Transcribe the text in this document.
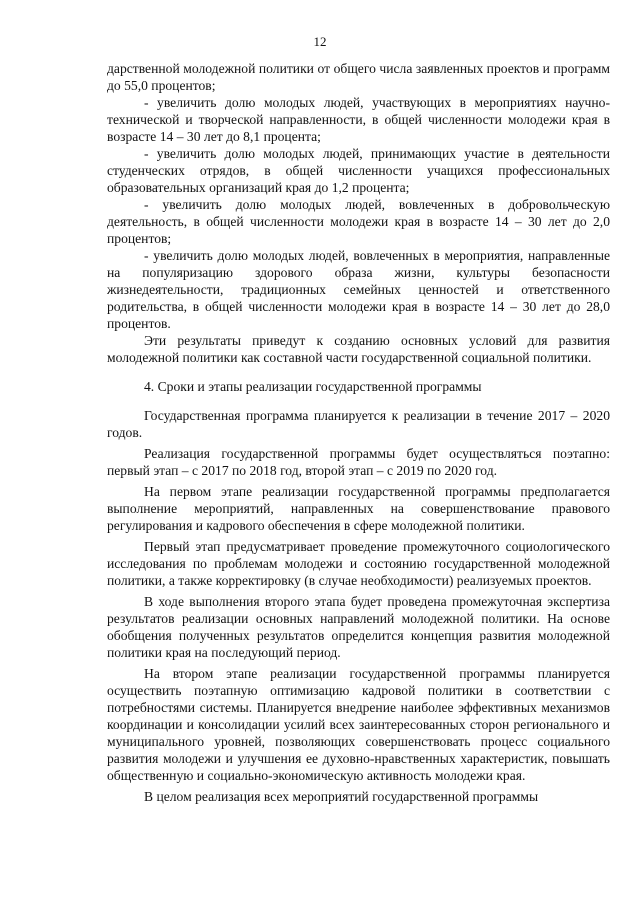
12

дарственной молодежной политики от общего числа заявленных проектов и программ до 55,0 процентов;

- увеличить долю молодых людей, участвующих в мероприятиях научно-технической и творческой направленности, в общей численности молодежи края в возрасте 14 – 30 лет до 8,1 процента;

- увеличить долю молодых людей, принимающих участие в деятельности студенческих отрядов, в общей численности учащихся профессиональных образовательных организаций края до 1,2 процента;

- увеличить долю молодых людей, вовлеченных в добровольческую деятельность, в общей численности молодежи края в возрасте 14 – 30 лет до 2,0 процентов;

- увеличить долю молодых людей, вовлеченных в мероприятия, направленные на популяризацию здорового образа жизни, культуры безопасности жизнедеятельности, традиционных семейных ценностей и ответственного родительства, в общей численности молодежи края в возрасте 14 – 30 лет до 28,0 процентов.

Эти результаты приведут к созданию основных условий для развития молодежной политики как составной части государственной социальной политики.

4. Сроки и этапы реализации государственной программы

Государственная программа планируется к реализации в течение 2017 – 2020 годов.

Реализация государственной программы будет осуществляться поэтапно: первый этап – с 2017 по 2018 год, второй этап – с 2019 по 2020 год.

На первом этапе реализации государственной программы предполагается выполнение мероприятий, направленных на совершенствование правового регулирования и кадрового обеспечения в сфере молодежной политики.

Первый этап предусматривает проведение промежуточного социологического исследования по проблемам молодежи и состоянию государственной молодежной политики, а также корректировку (в случае необходимости) реализуемых проектов.

В ходе выполнения второго этапа будет проведена промежуточная экспертиза результатов реализации основных направлений молодежной политики. На основе обобщения полученных результатов определится концепция развития молодежной политики края на последующий период.

На втором этапе реализации государственной программы планируется осуществить поэтапную оптимизацию кадровой политики в соответствии с потребностями системы. Планируется внедрение наиболее эффективных механизмов координации и консолидации усилий всех заинтересованных сторон регионального и муниципального уровней, позволяющих совершенствовать процесс социального развития молодежи и улучшения ее духовно-нравственных характеристик, повышать общественную и социально-экономическую активность молодежи края.

В целом реализация всех мероприятий государственной программы
